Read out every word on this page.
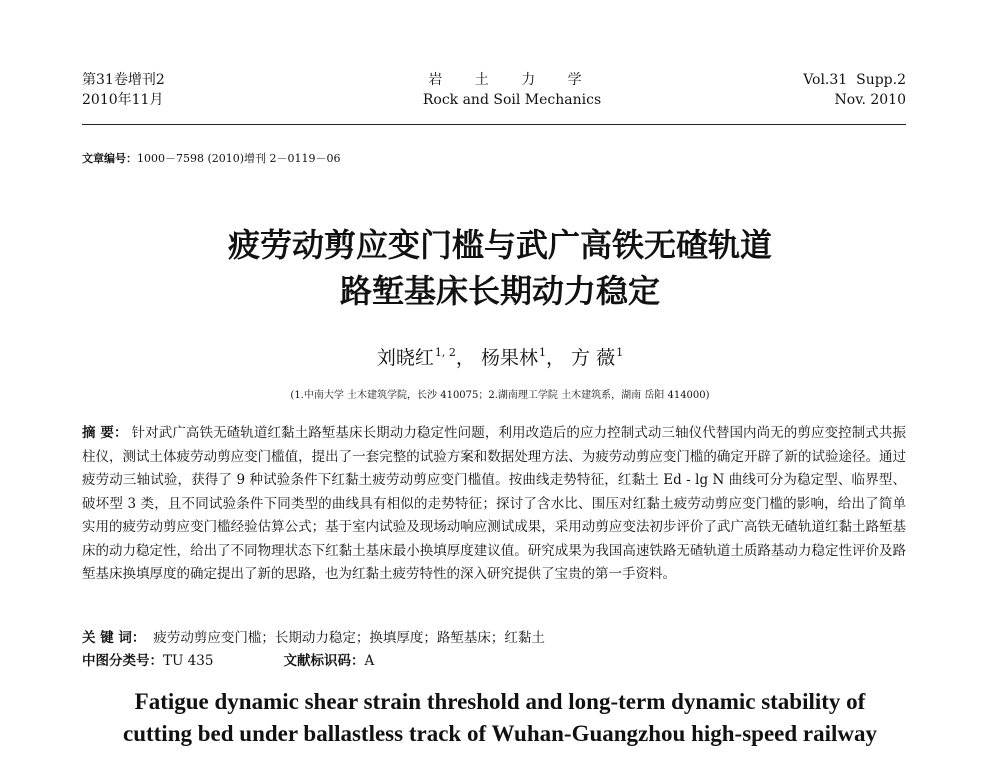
第31卷增刊2
2010年11月
岩 土 力 学
Rock and Soil Mechanics
Vol.31  Supp.2
Nov. 2010
文章编号：1000－7598 (2010)增刊 2－0119－06
疲劳动剪应变门槛与武广高铁无碴轨道
路堑基床长期动力稳定
刘晓红$^{1, 2}$， 杨果林$^1$， 方 薇$^1$
(1.中南大学 土木建筑学院，长沙 410075；2.湖南理工学院 土木建筑系，湖南 岳阳 414000)
摘 要： 针对武广高铁无碴轨道红黏土路堑基床长期动力稳定性问题，利用改造后的应力控制式动三轴仪代替国内尚无的剪应变控制式共振柱仪，测试土体疲劳动剪应变门槛值，提出了一套完整的试验方案和数据处理方法、为疲劳动剪应变门槛的确定开辟了新的试验途径。通过疲劳动三轴试验，获得了 9 种试验条件下红黏土疲劳动剪应变门槛值。按曲线走势特征，红黏土 Ed - lg N 曲线可分为稳定型、临界型、破坏型 3 类，且不同试验条件下同类型的曲线具有相似的走势特征；探讨了含水比、围压对红黏土疲劳动剪应变门槛的影响，给出了简单实用的疲劳动剪应变门槛经验估算公式；基于室内试验及现场动响应测试成果，采用动剪应变法初步评价了武广高铁无碴轨道红黏土路堑基床的动力稳定性，给出了不同物理状态下红黏土基床最小换填厚度建议值。研究成果为我国高速铁路无碴轨道土质路基动力稳定性评价及路堑基床换填厚度的确定提出了新的思路，也为红黏土疲劳特性的深入研究提供了宝贵的第一手资料。
关 键 词： 疲劳动剪应变门槛；长期动力稳定；换填厚度；路堑基床；红黏土
中图分类号：TU 435	文献标识码：A
Fatigue dynamic shear strain threshold and long-term dynamic stability of
cutting bed under ballastless track of Wuhan-Guangzhou high-speed railway
